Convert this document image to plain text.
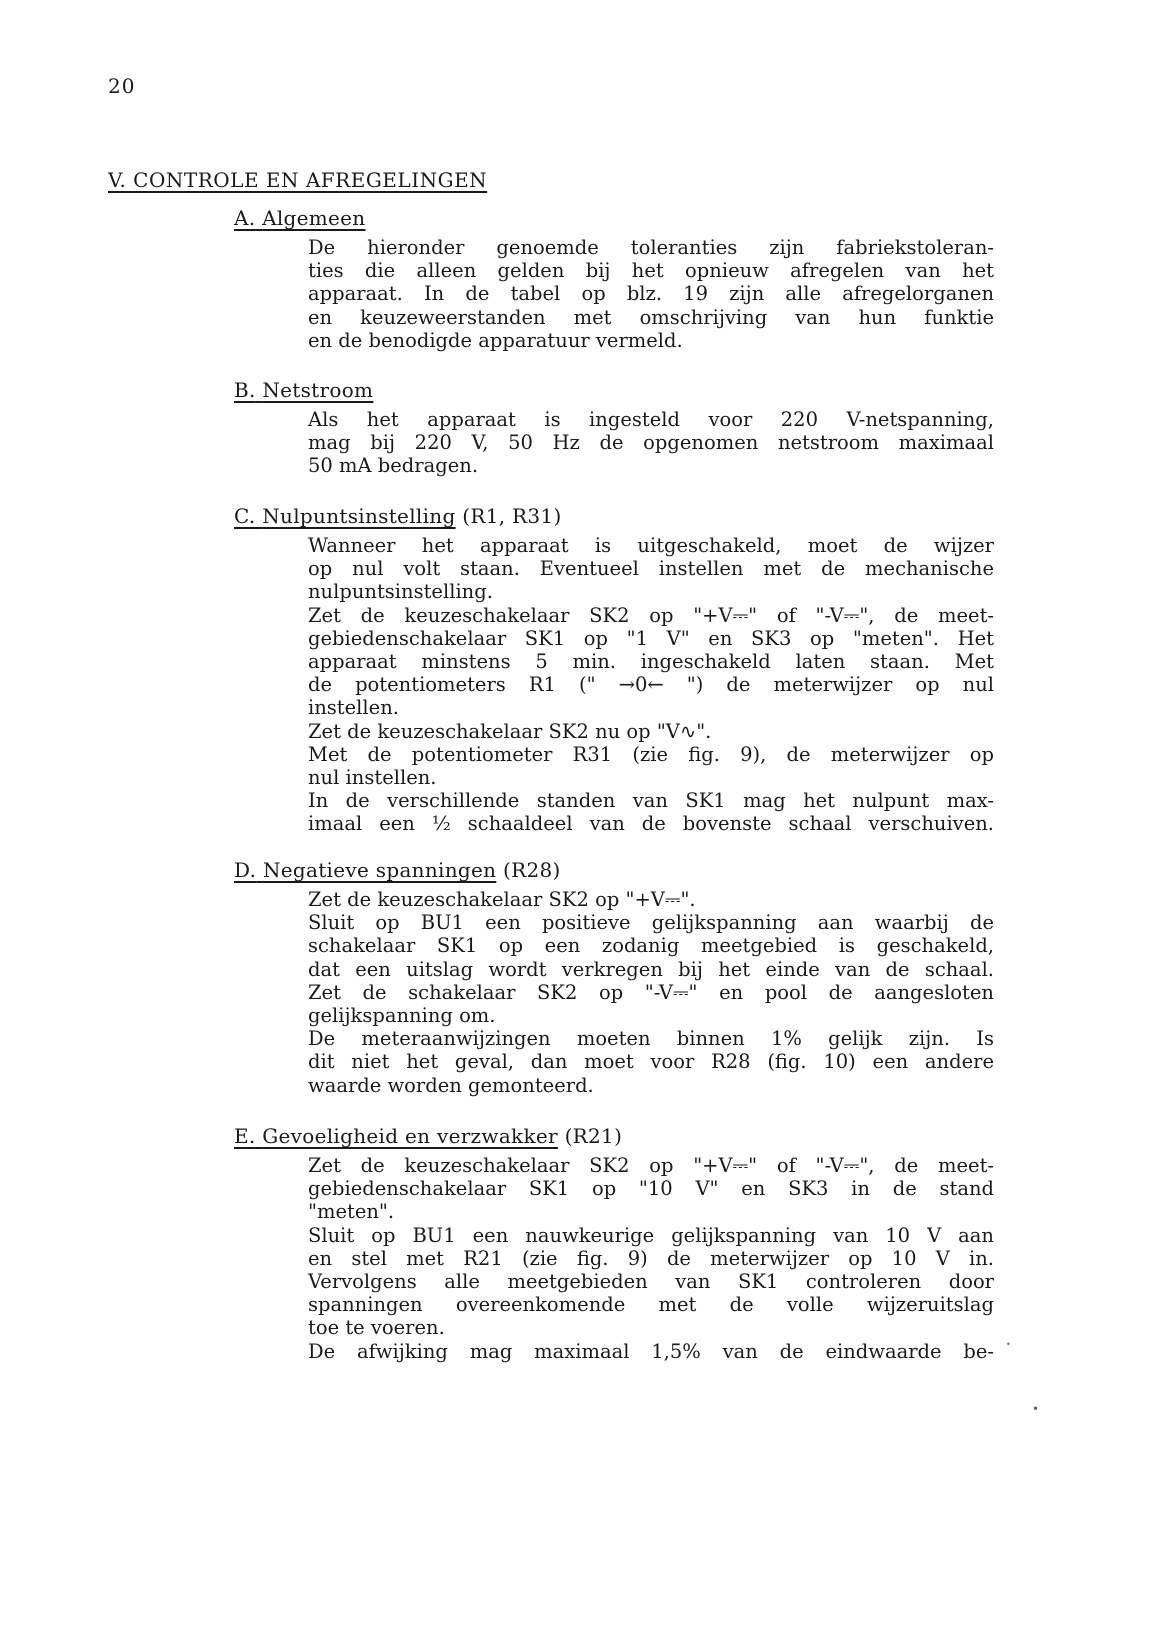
20
V. CONTROLE EN AFREGELINGEN
A. Algemeen
De hieronder genoemde toleranties zijn fabriekstoleran-
ties die alleen gelden bij het opnieuw afregelen van het
apparaat. In de tabel op blz. 19 zijn alle afregelorganen
en keuzeweerstanden met omschrijving van hun funktie
en de benodigde apparatuur vermeld.
B. Netstroom
Als het apparaat is ingesteld voor 220 V-netspanning,
mag bij 220 V, 50 Hz de opgenomen netstroom maximaal
50 mA bedragen.
C. Nulpuntsinstelling (R1, R31)
Wanneer het apparaat is uitgeschakeld, moet de wijzer
op nul volt staan. Eventueel instellen met de mechanische
nulpuntsinstelling.
Zet de keuzeschakelaar SK2 op "+V⎓" of "-V⎓", de meet-
gebiedenschakelaar SK1 op "1 V" en SK3 op "meten". Het
apparaat minstens 5 min. ingeschakeld laten staan. Met
de potentiometers R1 (" →0← ") de meterwijzer op nul
instellen.
Zet de keuzeschakelaar SK2 nu op "V∿".
Met de potentiometer R31 (zie fig. 9), de meterwijzer op
nul instellen.
In de verschillende standen van SK1 mag het nulpunt max-
imaal een ½ schaaldeel van de bovenste schaal verschuiven.
D. Negatieve spanningen (R28)
Zet de keuzeschakelaar SK2 op "+V⎓".
Sluit op BU1 een positieve gelijkspanning aan waarbij de
schakelaar SK1 op een zodanig meetgebied is geschakeld,
dat een uitslag wordt verkregen bij het einde van de schaal.
Zet de schakelaar SK2 op "-V⎓" en pool de aangesloten
gelijkspanning om.
De meteraanwijzingen moeten binnen 1% gelijk zijn. Is
dit niet het geval, dan moet voor R28 (fig. 10) een andere
waarde worden gemonteerd.
E. Gevoeligheid en verzwakker (R21)
Zet de keuzeschakelaar SK2 op "+V⎓" of "-V⎓", de meet-
gebiedenschakelaar SK1 op "10 V" en SK3 in de stand
"meten".
Sluit op BU1 een nauwkeurige gelijkspanning van 10 V aan
en stel met R21 (zie fig. 9) de meterwijzer op 10 V in.
Vervolgens alle meetgebieden van SK1 controleren door
spanningen overeenkomende met de volle wijzeruitslag
toe te voeren.
De afwijking mag maximaal 1,5% van de eindwaarde be-
•
•
